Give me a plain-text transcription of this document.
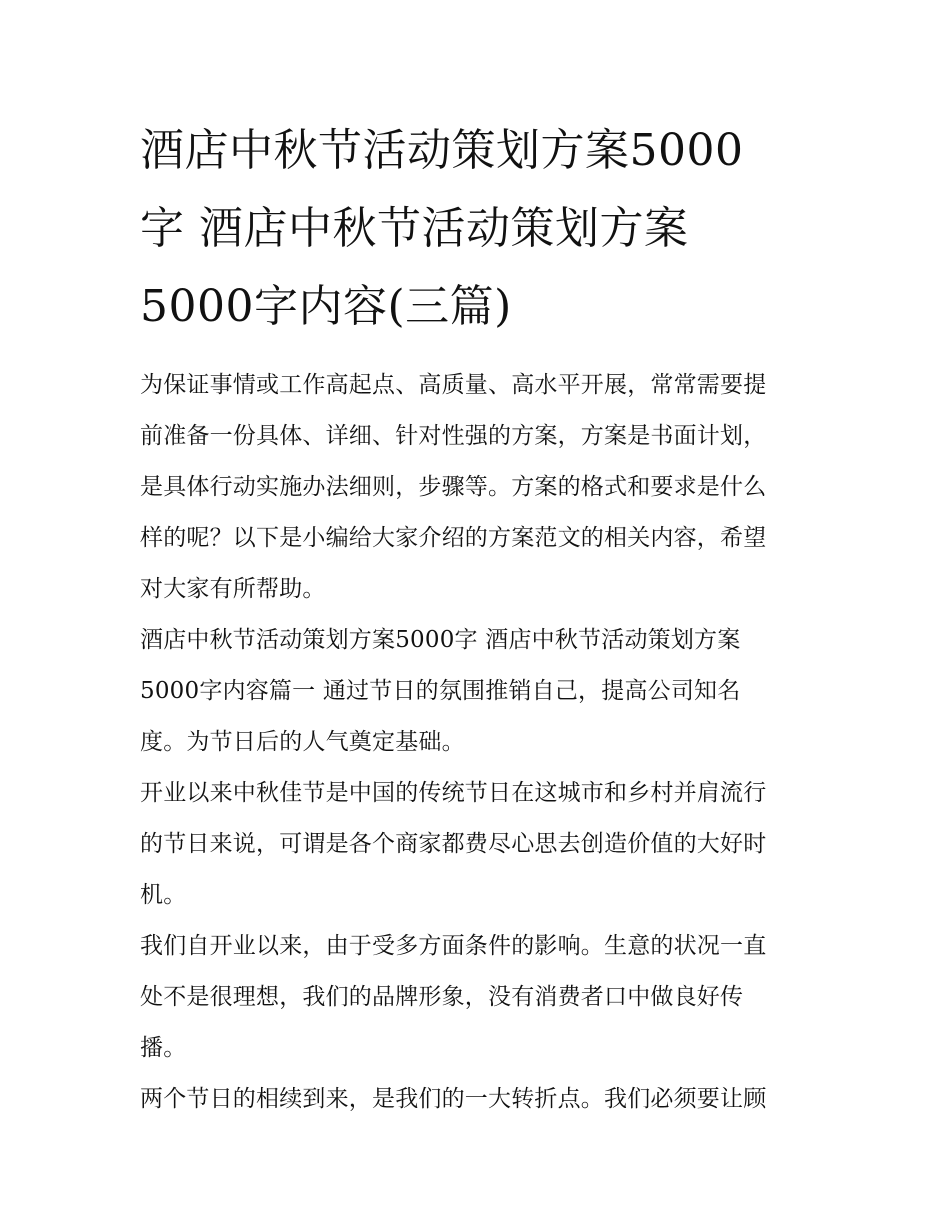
酒店中秋节活动策划方案5000
字 酒店中秋节活动策划方案
5000字内容(三篇)

为保证事情或工作高起点、高质量、高水平开展，常常需要提
前准备一份具体、详细、针对性强的方案，方案是书面计划，
是具体行动实施办法细则，步骤等。方案的格式和要求是什么
样的呢？以下是小编给大家介绍的方案范文的相关内容，希望
对大家有所帮助。

酒店中秋节活动策划方案5000字 酒店中秋节活动策划方案
5000字内容篇一 通过节日的氛围推销自己，提高公司知名
度。为节日后的人气奠定基础。

开业以来中秋佳节是中国的传统节日在这城市和乡村并肩流行
的节日来说，可谓是各个商家都费尽心思去创造价值的大好时
机。

我们自开业以来，由于受多方面条件的影响。生意的状况一直
处不是很理想，我们的品牌形象，没有消费者口中做良好传
播。

两个节日的相续到来，是我们的一大转折点。我们必须要让顾
